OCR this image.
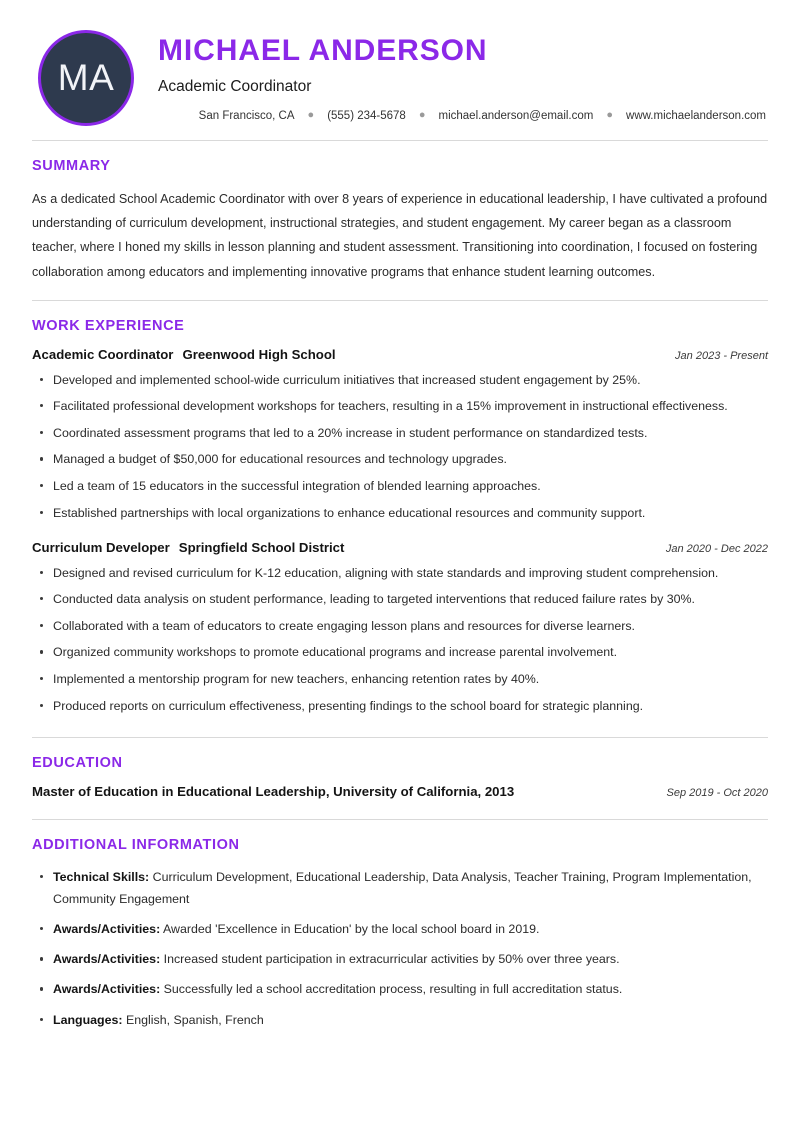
MA
MICHAEL ANDERSON
Academic Coordinator
San Francisco, CA ● (555) 234-5678 ● michael.anderson@email.com ● www.michaelanderson.com
SUMMARY
As a dedicated School Academic Coordinator with over 8 years of experience in educational leadership, I have cultivated a profound understanding of curriculum development, instructional strategies, and student engagement. My career began as a classroom teacher, where I honed my skills in lesson planning and student assessment. Transitioning into coordination, I focused on fostering collaboration among educators and implementing innovative programs that enhance student learning outcomes.
WORK EXPERIENCE
Academic Coordinator Greenwood High School	Jan 2023 - Present
Developed and implemented school-wide curriculum initiatives that increased student engagement by 25%.
Facilitated professional development workshops for teachers, resulting in a 15% improvement in instructional effectiveness.
Coordinated assessment programs that led to a 20% increase in student performance on standardized tests.
Managed a budget of $50,000 for educational resources and technology upgrades.
Led a team of 15 educators in the successful integration of blended learning approaches.
Established partnerships with local organizations to enhance educational resources and community support.
Curriculum Developer Springfield School District	Jan 2020 - Dec 2022
Designed and revised curriculum for K-12 education, aligning with state standards and improving student comprehension.
Conducted data analysis on student performance, leading to targeted interventions that reduced failure rates by 30%.
Collaborated with a team of educators to create engaging lesson plans and resources for diverse learners.
Organized community workshops to promote educational programs and increase parental involvement.
Implemented a mentorship program for new teachers, enhancing retention rates by 40%.
Produced reports on curriculum effectiveness, presenting findings to the school board for strategic planning.
EDUCATION
Master of Education in Educational Leadership, University of California, 2013	Sep 2019 - Oct 2020
ADDITIONAL INFORMATION
Technical Skills: Curriculum Development, Educational Leadership, Data Analysis, Teacher Training, Program Implementation, Community Engagement
Awards/Activities: Awarded 'Excellence in Education' by the local school board in 2019.
Awards/Activities: Increased student participation in extracurricular activities by 50% over three years.
Awards/Activities: Successfully led a school accreditation process, resulting in full accreditation status.
Languages: English, Spanish, French
